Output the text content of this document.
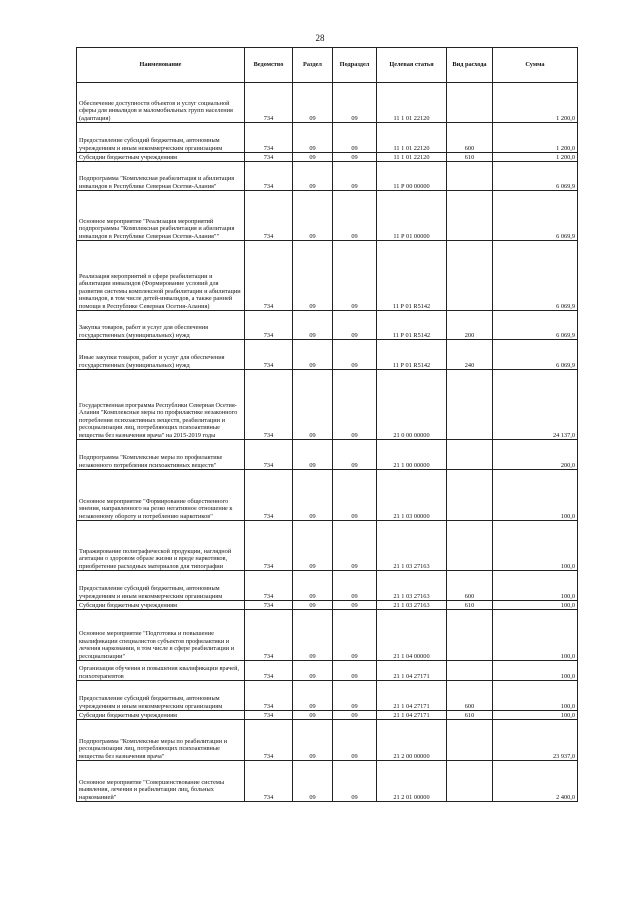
28
Наименование	Ведомство	Раздел	Подраздел	Целевая статья	Вид расхода	Сумма
Обеспечение доступности объектов и услуг социальной сферы для инвалидов и маломобильных групп населения (адаптация)	734	09	09	11 1 01 22120		1 200,0
Предоставление субсидий бюджетным, автономным учреждениям и иным некоммерческим организациям	734	09	09	11 1 01 22120	600	1 200,0
Субсидии бюджетным учреждениям	734	09	09	11 1 01 22120	610	1 200,0
Подпрограмма "Комплексная реабилитация и абилитация инвалидов в Республике Северная Осетия-Алания"	734	09	09	11 Р 00 00000		6 069,9
Основное мероприятие "Реализация мероприятий подпрограммы "Комплексная реабилитация и абилитация инвалидов в Республике Северная Осетия-Алания""	734	09	09	11 Р 01 00000		6 069,9
Реализация мероприятий в сфере реабилитации и абилитации инвалидов (Формирование условий для развития системы комплексной реабилитации и абилитации инвалидов, в том числе детей-инвалидов, а также ранней помощи в Республике Северная Осетия-Алания)	734	09	09	11 Р 01 R5142		6 069,9
Закупка товаров, работ и услуг для обеспечения государственных (муниципальных) нужд	734	09	09	11 Р 01 R5142	200	6 069,9
Иные закупки товаров, работ и услуг для обеспечения государственных (муниципальных) нужд	734	09	09	11 Р 01 R5142	240	6 069,9
Государственная программа Республики Северная Осетия-Алания "Комплексные меры по профилактике незаконного потребления психоактивных веществ, реабилитации и ресоциализации лиц, потребляющих психоактивные вещества без назначения врача" на 2015-2019 годы	734	09	09	21 0 00 00000		24 137,0
Подпрограмма "Комплексные меры по профилактике незаконного потребления психоактивных веществ"	734	09	09	21 1 00 00000		200,0
Основное мероприятие "Формирование общественного мнения, направленного на резко негативное отношение к незаконному обороту и потреблению наркотиков"	734	09	09	21 1 03 00000		100,0
Тиражирование полиграфической продукции, наглядной агитации о здоровом образе жизни и вреде наркотиков, приобретение расходных материалов для типографии	734	09	09	21 1 03 27163		100,0
Предоставление субсидий бюджетным, автономным учреждениям и иным некоммерческим организациям	734	09	09	21 1 03 27163	600	100,0
Субсидии бюджетным учреждениям	734	09	09	21 1 03 27163	610	100,0
Основное мероприятие "Подготовка и повышение квалификации специалистов субъектов профилактики и лечения наркомании, в том числе в сфере реабилитации и ресоциализации"	734	09	09	21 1 04 00000		100,0
Организация обучения и повышения квалификации врачей, психотерапевтов	734	09	09	21 1 04 27171		100,0
Предоставление субсидий бюджетным, автономным учреждениям и иным некоммерческим организациям	734	09	09	21 1 04 27171	600	100,0
Субсидии бюджетным учреждениям	734	09	09	21 1 04 27171	610	100,0
Подпрограмма "Комплексные меры по реабилитации и ресоциализации лиц, потребляющих психоактивные вещества без назначения врача"	734	09	09	21 2 00 00000		23 937,0
Основное мероприятие "Совершенствование системы выявления, лечения и реабилитации лиц, больных наркоманией"	734	09	09	21 2 01 00000		2 400,0
